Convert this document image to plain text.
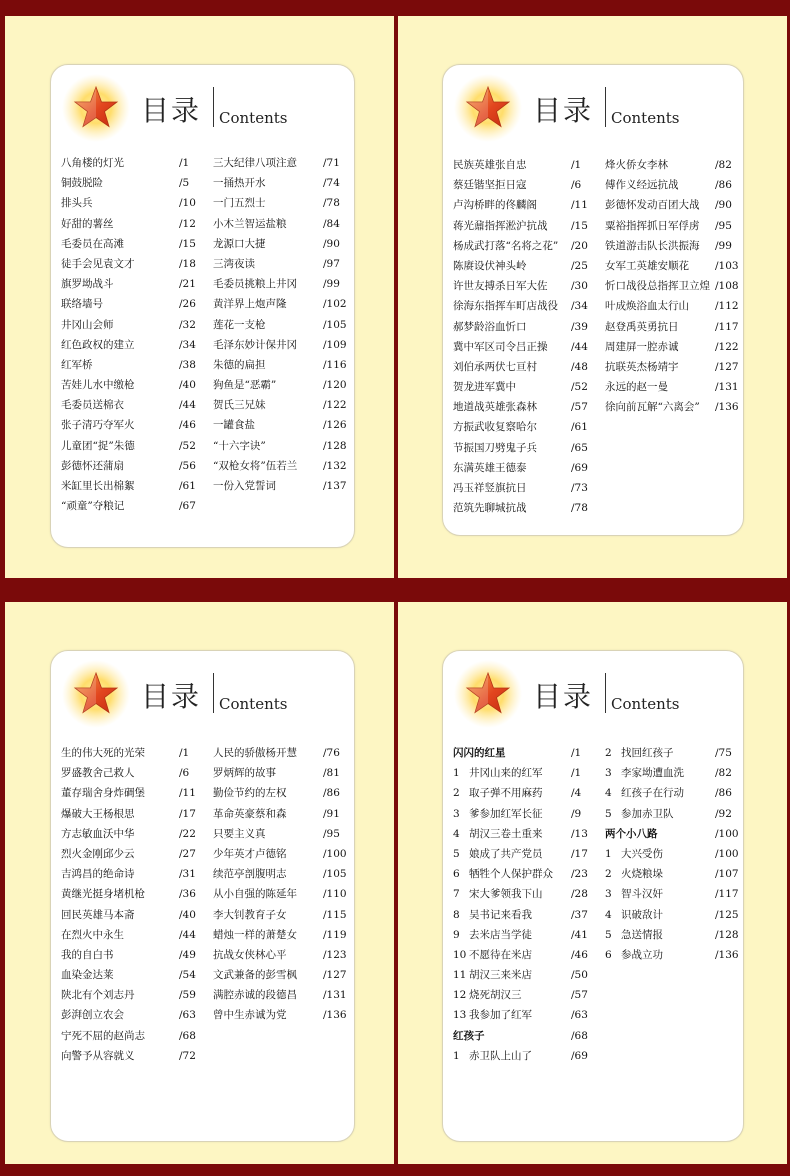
目录 Contents
八角楼的灯光	/1
铜鼓脱险	/5
排头兵	/10
好甜的薯丝	/12
毛委员在高滩	/15
徒手会见袁文才	/18
旗罗坳战斗	/21
联络墙号	/26
井冈山会师	/32
红色政权的建立	/34
红军桥	/38
苦娃儿水中缴枪	/40
毛委员送棉衣	/44
张子清巧夺军火	/46
儿童团“捉”朱德	/52
彭德怀还蒲扇	/56
米缸里长出棉絮	/61
“顽童”夺粮记	/67
三大纪律八项注意 /71
一捅热开水	/74
一门五烈士	/78
小木兰智运盐粮	/84
龙源口大捷	/90
三湾夜读	/97
毛委员挑粮上井冈 /99
黄洋界上炮声隆	/102
莲花一支枪	/105
毛泽东妙计保井冈 /109
朱德的扁担	/116
狗鱼是“恶霸”	/120
贺氏三兄妹	/122
一罐食盐	/126
“十六字诀”	/128
“双枪女将”伍若兰 /132
一份入党誓词	/137
目录 Contents
民族英雄张自忠	/1
蔡廷锴坚拒日寇	/6
卢沟桥畔的佟麟阁	/11
蒋光鼐指挥淞沪抗战 /15
杨成武打落“名将之花” /20
陈赓设伏神头岭	/25
许世友搏杀日军大佐 /30
徐海东指挥车町店战役 /34
郝梦龄浴血忻口	/39
冀中军区司令吕正操 /44
刘伯承两伏七亘村	/48
贺龙进军冀中	/52
地道战英雄张森林	/57
方振武收复察哈尔	/61
节振国刀劈鬼子兵	/65
东满英雄王德泰	/69
冯玉祥竖旗抗日	/73
范筑先聊城抗战	/78
烽火侨女李林	/82
傅作义经远抗战	/86
彭德怀发动百团大战 /90
粟裕指挥抓日军俘虏 /95
铁道游击队长洪振海 /99
女军工英雄安顺花 /103
忻口战役总指挥卫立煌 /108
叶成焕浴血太行山 /112
赵登禹英勇抗日	/117
周建屏一腔赤诚	/122
抗联英杰杨靖宇	/127
永远的赵一曼	/131
徐向前瓦解“六离会” /136
目录 Contents
生的伟大死的光荣	/1
罗盛教舍己救人	/6
董存瑞舍身炸碉堡	/11
爆破大王杨根思	/17
方志敏血沃中华	/22
烈火金刚邱少云	/27
吉鸿昌的绝命诗	/31
黄继光挺身堵机枪	/36
回民英雄马本斋	/40
在烈火中永生	/44
我的自白书	/49
血染金达莱	/54
陕北有个刘志丹	/59
彭湃创立农会	/63
宁死不屈的赵尚志	/68
向警予从容就义	/72
人民的骄傲杨开慧 /76
罗炳辉的故事	/81
勤俭节约的左权	/86
革命英豪蔡和森	/91
只要主义真	/95
少年英才卢德铭	/100
续范亭剖腹明志	/105
从小自强的陈延年 /110
李大钊教育子女	/115
蜡烛一样的萧楚女 /119
抗战女侠林心平	/123
文武兼备的彭雪枫 /127
满腔赤诚的段德昌 /131
曾中生赤诚为党	/136
目录 Contents
闪闪的红星	/1
1 井冈山来的红军	/1
2 取子弹不用麻药	/4
3 爹参加红军长征	/9
4 胡汉三卷土重来	/13
5 娘成了共产党员	/17
6 牺牲个人保护群众 /23
7 宋大爹领我下山	/28
8 吴书记来看我	/37
9 去米店当学徒	/41
10 不愿待在米店	/46
11 胡汉三来米店	/50
12 烧死胡汉三	/57
13 我参加了红军	/63
红孩子	/68
1 赤卫队上山了	/69
2 找回红孩子	/75
3 李家坳遭血洗	/82
4 红孩子在行动	/86
5 参加赤卫队	/92
两个小八路	/100
1 大兴受伤	/100
2 火烧粮垛	/107
3 智斗汉奸	/117
4 识破敌计	/125
5 急送情报	/128
6 参战立功	/136
